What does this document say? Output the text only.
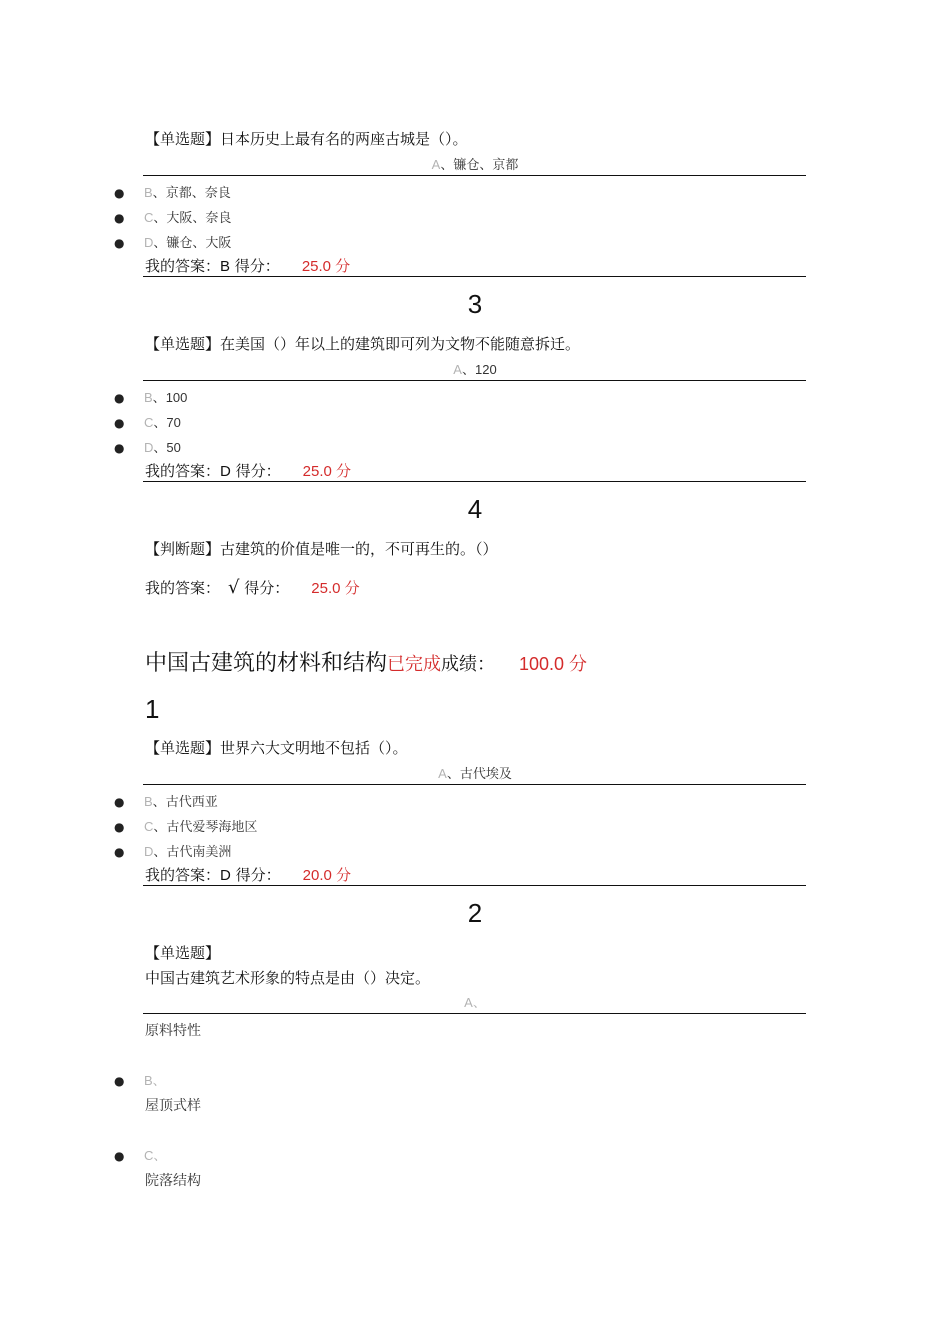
【单选题】日本历史上最有名的两座古城是（）。
A、镰仓、京都
● B、京都、奈良
● C、大阪、奈良
● D、镰仓、大阪
我的答案：B 得分： 25.0 分
3
【单选题】在美国（）年以上的建筑即可列为文物不能随意拆迁。
A、120
● B、100
● C、70
● D、50
我的答案：D 得分： 25.0 分
4
【判断题】古建筑的价值是唯一的，不可再生的。（）
我的答案： √ 得分： 25.0 分
中国古建筑的材料和结构已完成成绩： 100.0 分
1
【单选题】世界六大文明地不包括（）。
A、古代埃及
● B、古代西亚
● C、古代爱琴海地区
● D、古代南美洲
我的答案：D 得分： 20.0 分
2
【单选题】
中国古建筑艺术形象的特点是由（）决定。
A、
原料特性
● B、
屋顶式样
● C、
院落结构
